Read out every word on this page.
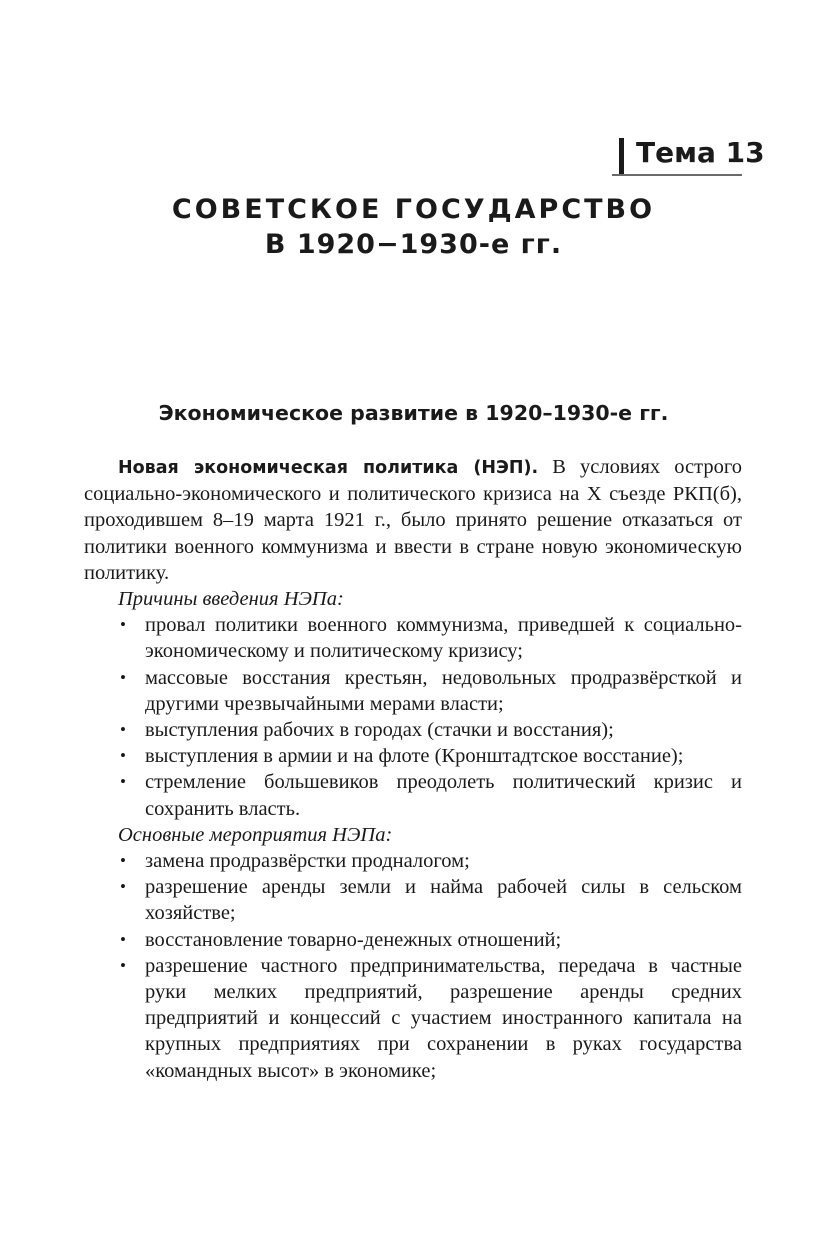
Тема 13
СОВЕТСКОЕ ГОСУДАРСТВО
В 1920−1930-е гг.
Экономическое развитие в 1920–1930-е гг.

Новая экономическая политика (НЭП). В условиях острого социально-экономического и политического кризиса на X съезде РКП(б), проходившем 8–19 марта 1921 г., было принято решение отказаться от политики военного коммунизма и ввести в стране новую экономическую политику.

Причины введения НЭПа:

• провал политики военного коммунизма, приведшей к социально-экономическому и политическому кризису;
• массовые восстания крестьян, недовольных продразвёрсткой и другими чрезвычайными мерами власти;
• выступления рабочих в городах (стачки и восстания);
• выступления в армии и на флоте (Кронштадтское восстание);
• стремление большевиков преодолеть политический кризис и сохранить власть.

Основные мероприятия НЭПа:

• замена продразвёрстки продналогом;
• разрешение аренды земли и найма рабочей силы в сельском хозяйстве;
• восстановление товарно-денежных отношений;
• разрешение частного предпринимательства, передача в частные руки мелких предприятий, разрешение аренды средних предприятий и концессий с участием иностранного капитала на крупных предприятиях при сохранении в руках государства «командных высот» в экономике;
